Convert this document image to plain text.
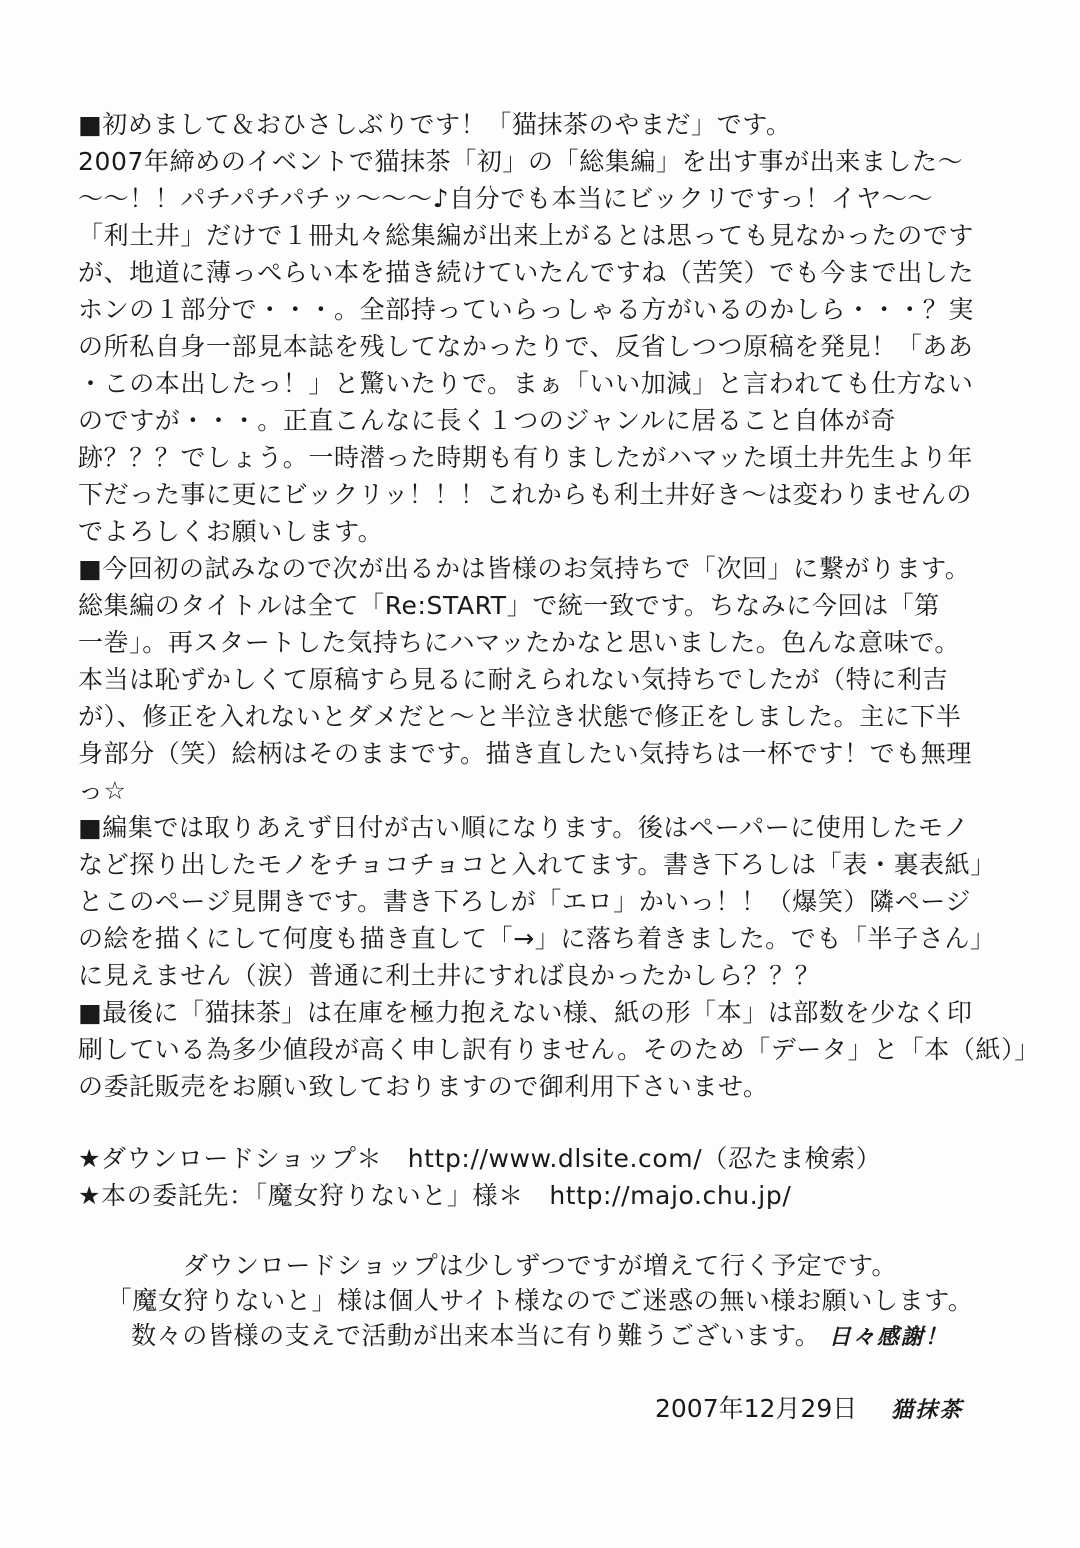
■初めまして＆おひさしぶりです！「猫抹茶のやまだ」です。
2007年締めのイベントで猫抹茶「初」の「総集編」を出す事が出来ました～
～～！！パチパチパチッ～～～♪自分でも本当にビックリですっ！イヤ～～
「利土井」だけで１冊丸々総集編が出来上がるとは思っても見なかったのです
が、地道に薄っぺらい本を描き続けていたんですね（苦笑）でも今まで出した
ホンの１部分で・・・。全部持っていらっしゃる方がいるのかしら・・・？実
の所私自身一部見本誌を残してなかったりで、反省しつつ原稿を発見！「ああ
・この本出したっ！」と驚いたりで。まぁ「いい加減」と言われても仕方ない
のですが・・・。正直こんなに長く１つのジャンルに居ること自体が奇
跡？？？でしょう。一時潜った時期も有りましたがハマッた頃土井先生より年
下だった事に更にビックリッ！！！これからも利土井好き～は変わりませんの
でよろしくお願いします。
■今回初の試みなので次が出るかは皆様のお気持ちで「次回」に繋がります。
総集編のタイトルは全て「Re:START」で統一致です。ちなみに今回は「第
一巻」。再スタートした気持ちにハマッたかなと思いました。色んな意味で。
本当は恥ずかしくて原稿すら見るに耐えられない気持ちでしたが（特に利吉
が）、修正を入れないとダメだと～と半泣き状態で修正をしました。主に下半
身部分（笑）絵柄はそのままです。描き直したい気持ちは一杯です！でも無理
っ☆
■編集では取りあえず日付が古い順になります。後はペーパーに使用したモノ
など探り出したモノをチョコチョコと入れてます。書き下ろしは「表・裏表紙」
とこのページ見開きです。書き下ろしが「エロ」かいっ！！（爆笑）隣ページ
の絵を描くにして何度も描き直して「→」に落ち着きました。でも「半子さん」
に見えません（涙）普通に利土井にすれば良かったかしら？？？
■最後に「猫抹茶」は在庫を極力抱えない様、紙の形「本」は部数を少なく印
刷している為多少値段が高く申し訳有りません。そのため「データ」と「本（紙）」
の委託販売をお願い致しておりますので御利用下さいませ。
★ダウンロードショップ＊　http://www.dlsite.com/（忍たま検索）
★本の委託先：「魔女狩りないと」様＊　http://majo.chu.jp/
ダウンロードショップは少しずつですが増えて行く予定です。
「魔女狩りないと」様は個人サイト様なのでご迷惑の無い様お願いします。
数々の皆様の支えで活動が出来本当に有り難うございます。 日々感謝！
2007年12月29日 猫抹茶
